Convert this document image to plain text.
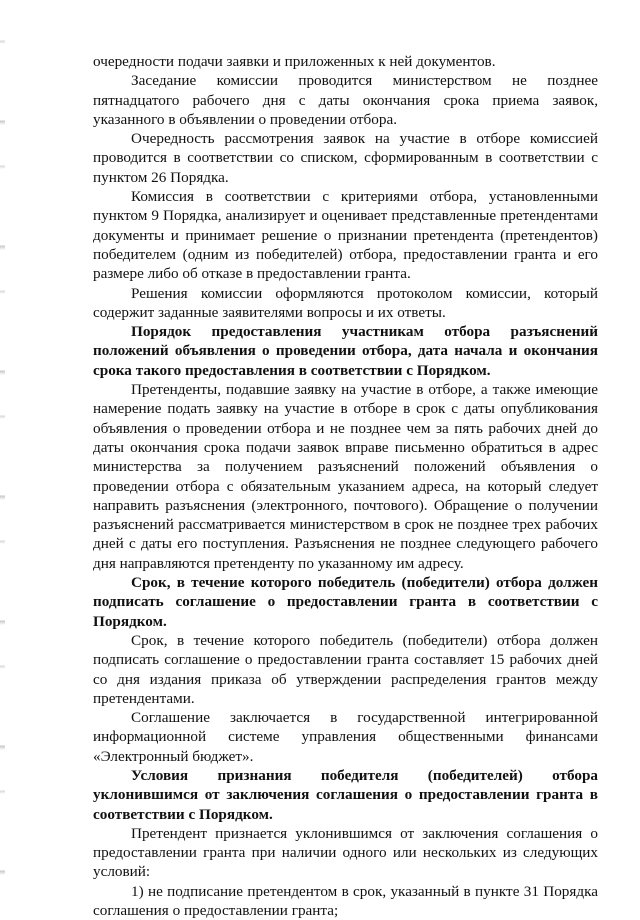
очередности подачи заявки и приложенных к ней документов.

Заседание комиссии проводится министерством не позднее пятнадцатого рабочего дня с даты окончания срока приема заявок, указанного в объявлении о проведении отбора.

Очередность рассмотрения заявок на участие в отборе комиссией проводится в соответствии со списком, сформированным в соответствии с пунктом 26 Порядка.

Комиссия в соответствии с критериями отбора, установленными пунктом 9 Порядка, анализирует и оценивает представленные претендентами документы и принимает решение о признании претендента (претендентов) победителем (одним из победителей) отбора, предоставлении гранта и его размере либо об отказе в предоставлении гранта.

Решения комиссии оформляются протоколом комиссии, который содержит заданные заявителями вопросы и их ответы.

Порядок предоставления участникам отбора разъяснений положений объявления о проведении отбора, дата начала и окончания срока такого предоставления в соответствии с Порядком.

Претенденты, подавшие заявку на участие в отборе, а также имеющие намерение подать заявку на участие в отборе в срок с даты опубликования объявления о проведении отбора и не позднее чем за пять рабочих дней до даты окончания срока подачи заявок вправе письменно обратиться в адрес министерства за получением разъяснений положений объявления о проведении отбора с обязательным указанием адреса, на который следует направить разъяснения (электронного, почтового). Обращение о получении разъяснений рассматривается министерством в срок не позднее трех рабочих дней с даты его поступления. Разъяснения не позднее следующего рабочего дня направляются претенденту по указанному им адресу.

Срок, в течение которого победитель (победители) отбора должен подписать соглашение о предоставлении гранта в соответствии с Порядком.

Срок, в течение которого победитель (победители) отбора должен подписать соглашение о предоставлении гранта составляет 15 рабочих дней со дня издания приказа об утверждении распределения грантов между претендентами.

Соглашение заключается в государственной интегрированной информационной системе управления общественными финансами «Электронный бюджет».

Условия признания победителя (победителей) отбора уклонившимся от заключения соглашения о предоставлении гранта в соответствии с Порядком.

Претендент признается уклонившимся от заключения соглашения о предоставлении гранта при наличии одного или нескольких из следующих условий:

1) не подписание претендентом в срок, указанный в пункте 31 Порядка соглашения о предоставлении гранта;
